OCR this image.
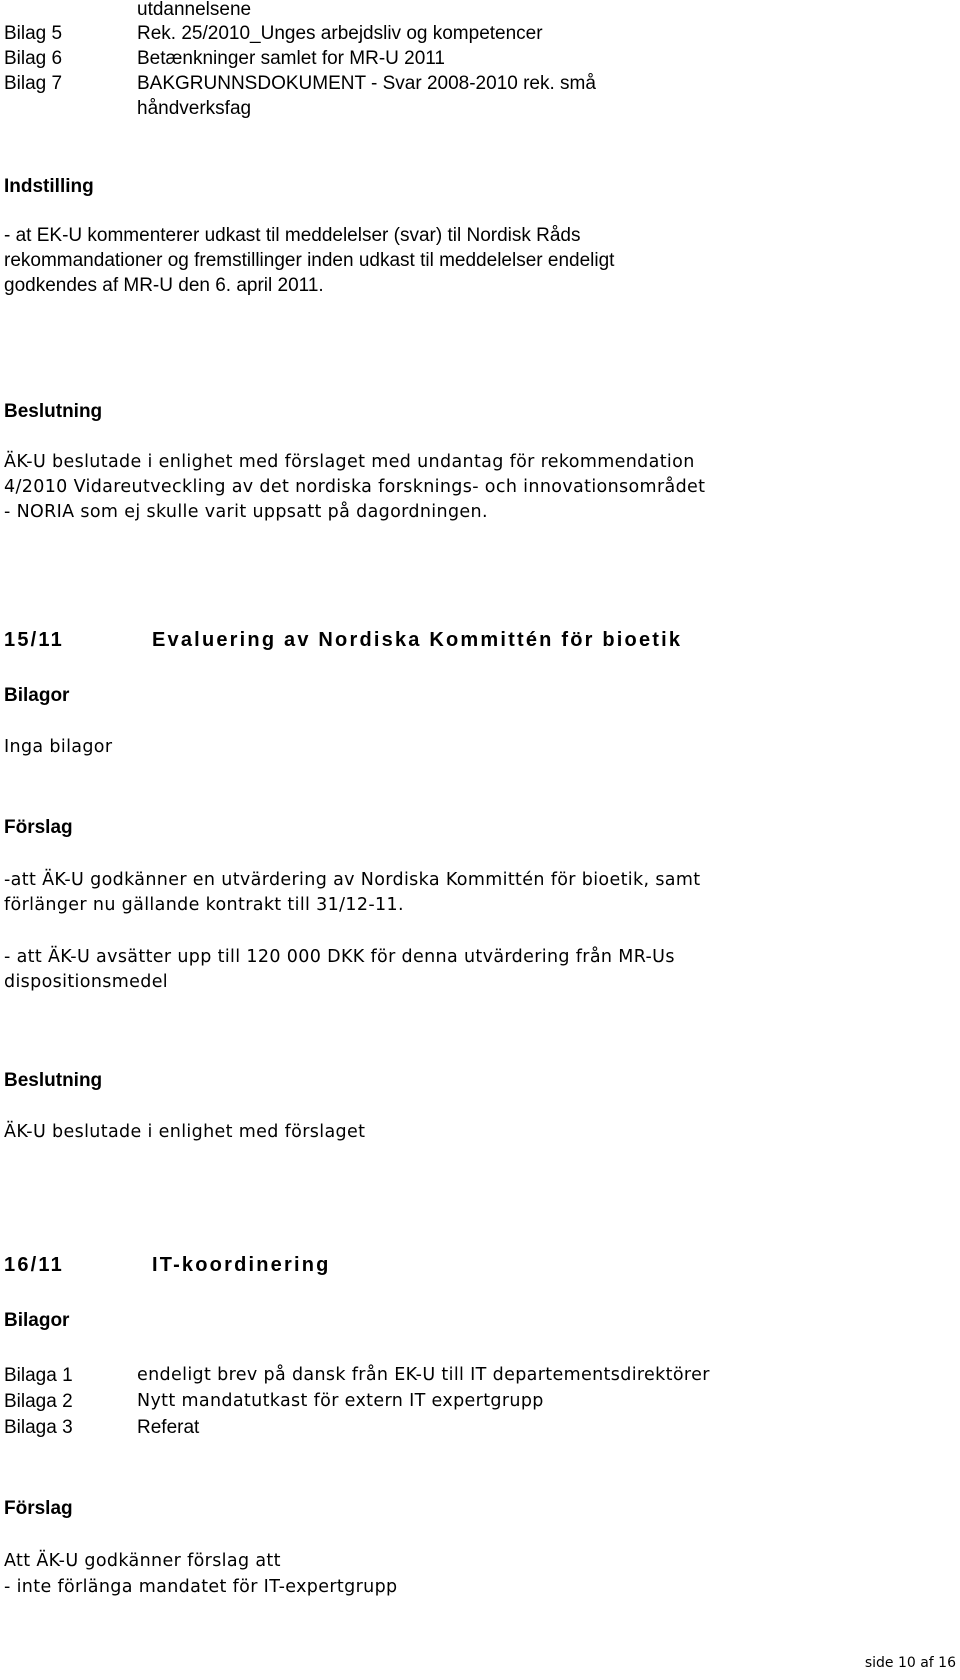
utdannelsene
Bilag 5	Rek. 25/2010_Unges arbejdsliv og kompetencer
Bilag 6	Betænkninger samlet for MR-U 2011
Bilag 7	BAKGRUNNSDOKUMENT - Svar 2008-2010 rek. små
håndverksfag
Indstilling
- at EK-U kommenterer udkast til meddelelser (svar) til Nordisk Råds
rekommandationer og fremstillinger inden udkast til meddelelser endeligt
godkendes af MR-U den 6. april 2011.
Beslutning
ÄK-U beslutade i enlighet med förslaget med undantag för rekommendation
4/2010 Vidareutveckling av det nordiska forsknings- och innovationsområdet
- NORIA som ej skulle varit uppsatt på dagordningen.
15/11	Evaluering av Nordiska Kommittén för bioetik
Bilagor
Inga bilagor
Förslag
-att ÄK-U godkänner en utvärdering av Nordiska Kommittén för bioetik, samt
förlänger nu gällande kontrakt till 31/12-11.
- att ÄK-U avsätter upp till 120 000 DKK för denna utvärdering från MR-Us
dispositionsmedel
Beslutning
ÄK-U beslutade i enlighet med förslaget
16/11	IT-koordinering
Bilagor
Bilaga 1	endeligt brev på dansk från EK-U till IT departementsdirektörer
Bilaga 2	Nytt mandatutkast för extern IT expertgrupp
Bilaga 3	Referat
Förslag
Att ÄK-U godkänner förslag att
- inte förlänga mandatet för IT-expertgrupp
side 10 af 16
